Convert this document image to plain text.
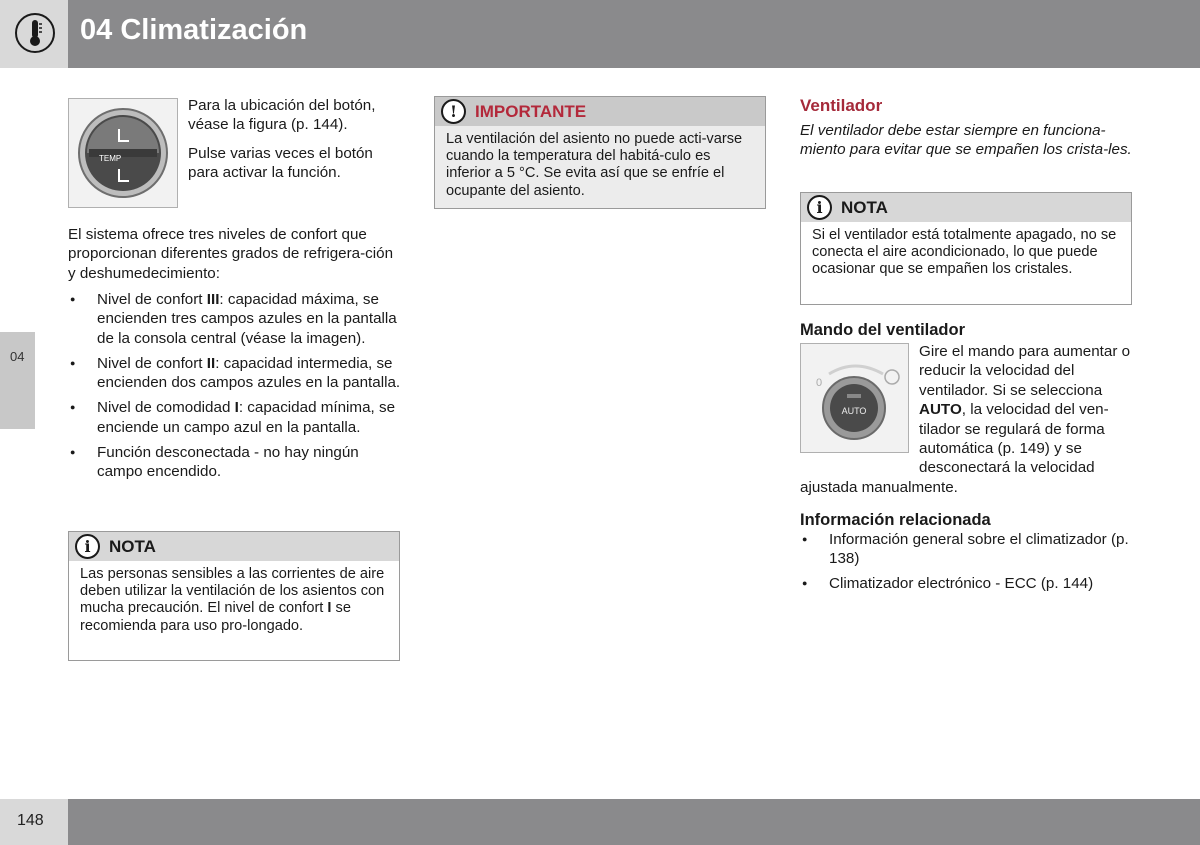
04 Climatización
04
TEMP

Para la ubicación del botón, véase la figura (p. 144).

Pulse varias veces el botón para activar la función.

El sistema ofrece tres niveles de confort que proporcionan diferentes grados de refrigera-ción y deshumedecimiento:

● Nivel de confort III: capacidad máxima, se encienden tres campos azules en la pantalla de la consola central (véase la imagen).
● Nivel de confort II: capacidad intermedia, se encienden dos campos azules en la pantalla.
● Nivel de comodidad I: capacidad mínima, se enciende un campo azul en la pantalla.
● Función desconectada - no hay ningún campo encendido.
i	NOTA
Las personas sensibles a las corrientes de aire deben utilizar la ventilación de los asientos con mucha precaución. El nivel de confort I se recomienda para uso pro-longado.
!	IMPORTANTE
La ventilación del asiento no puede acti-varse cuando la temperatura del habitá-culo es inferior a 5 °C. Se evita así que se enfríe el ocupante del asiento.
Ventilador

El ventilador debe estar siempre en funciona-miento para evitar que se empañen los crista-les.

i	NOTA
Si el ventilador está totalmente apagado, no se conecta el aire acondicionado, lo que puede ocasionar que se empañen los cristales.
Mando del ventilador
0
AUTO

Gire el mando para aumentar o reducir la velocidad del ventilador. Si se selecciona AUTO, la velocidad del ven-tilador se regulará de forma automática (p. 149) y se desconectará la velocidad

ajustada manualmente.

Información relacionada
● Información general sobre el climatizador (p. 138)
● Climatizador electrónico - ECC (p. 144)
148
